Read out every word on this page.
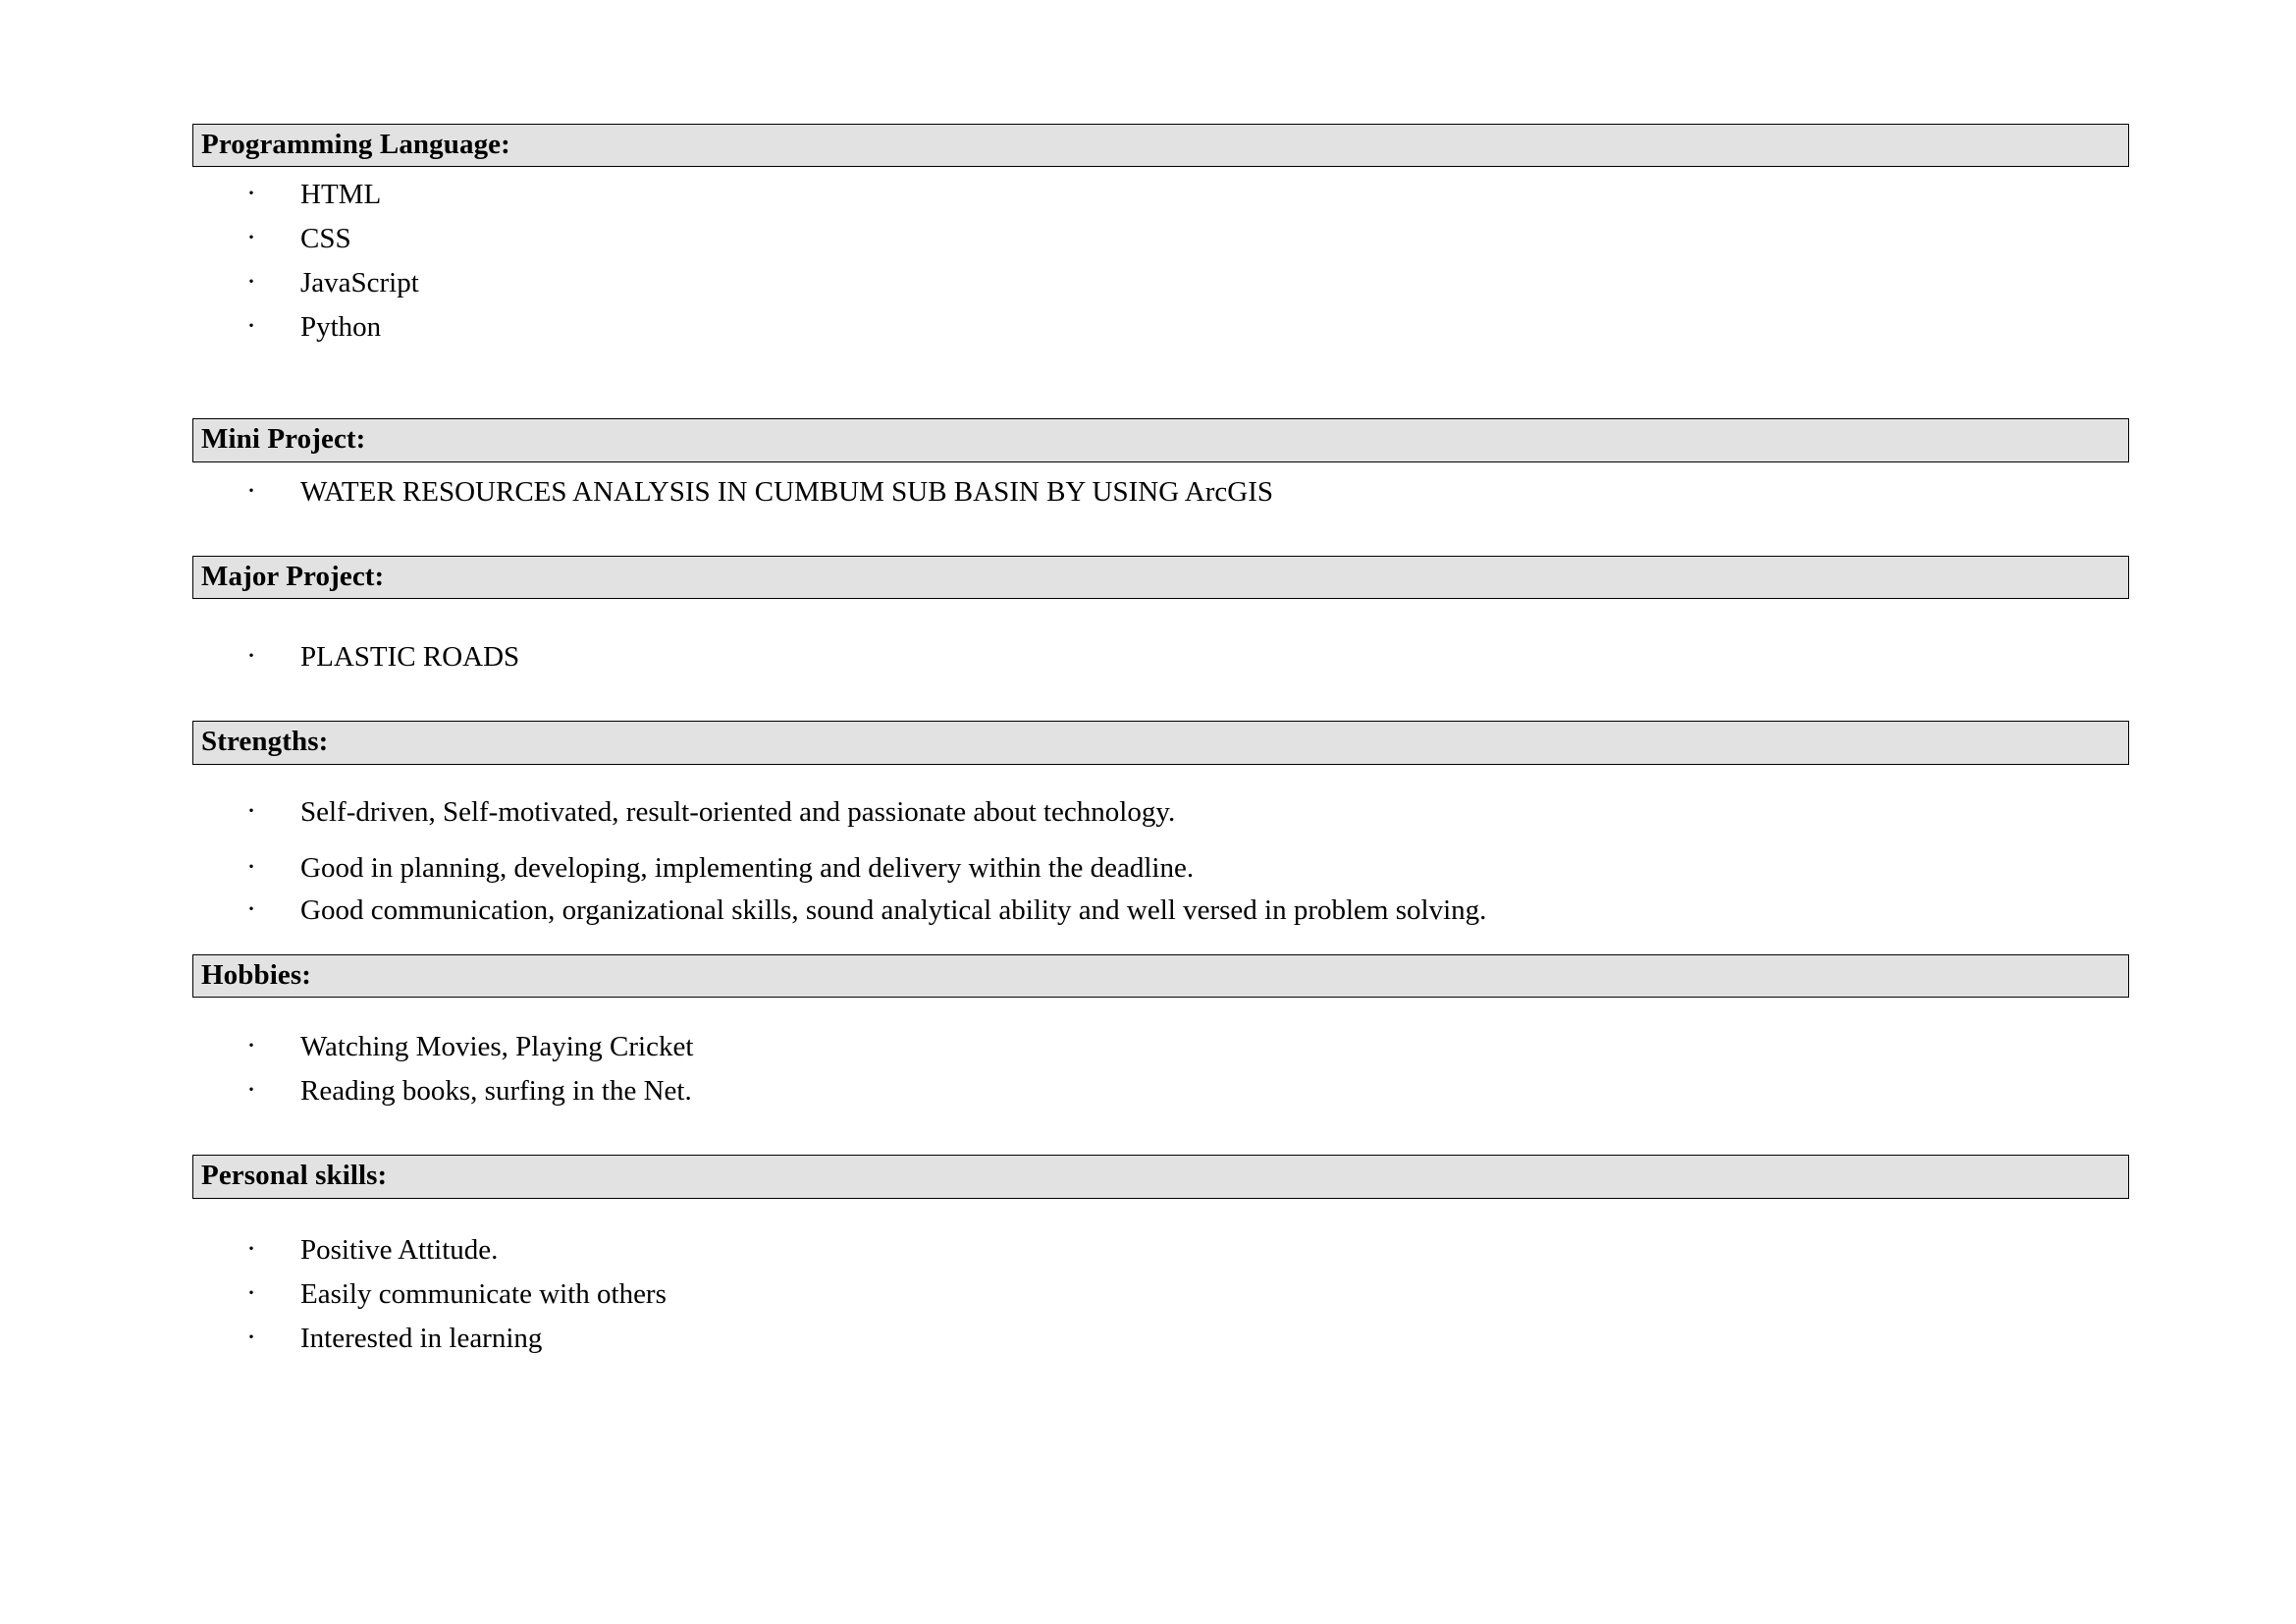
Programming Language:
· HTML
· CSS
· JavaScript
· Python
Mini Project:
· WATER RESOURCES ANALYSIS IN CUMBUM SUB BASIN BY USING ArcGIS
Major Project:
· PLASTIC ROADS
Strengths:
· Self-driven, Self-motivated, result-oriented and passionate about technology.
· Good in planning, developing, implementing and delivery within the deadline.
· Good communication, organizational skills, sound analytical ability and well versed in problem solving.
Hobbies:
· Watching Movies, Playing Cricket
· Reading books, surfing in the Net.
Personal skills:
· Positive Attitude.
· Easily communicate with others
· Interested in learning
